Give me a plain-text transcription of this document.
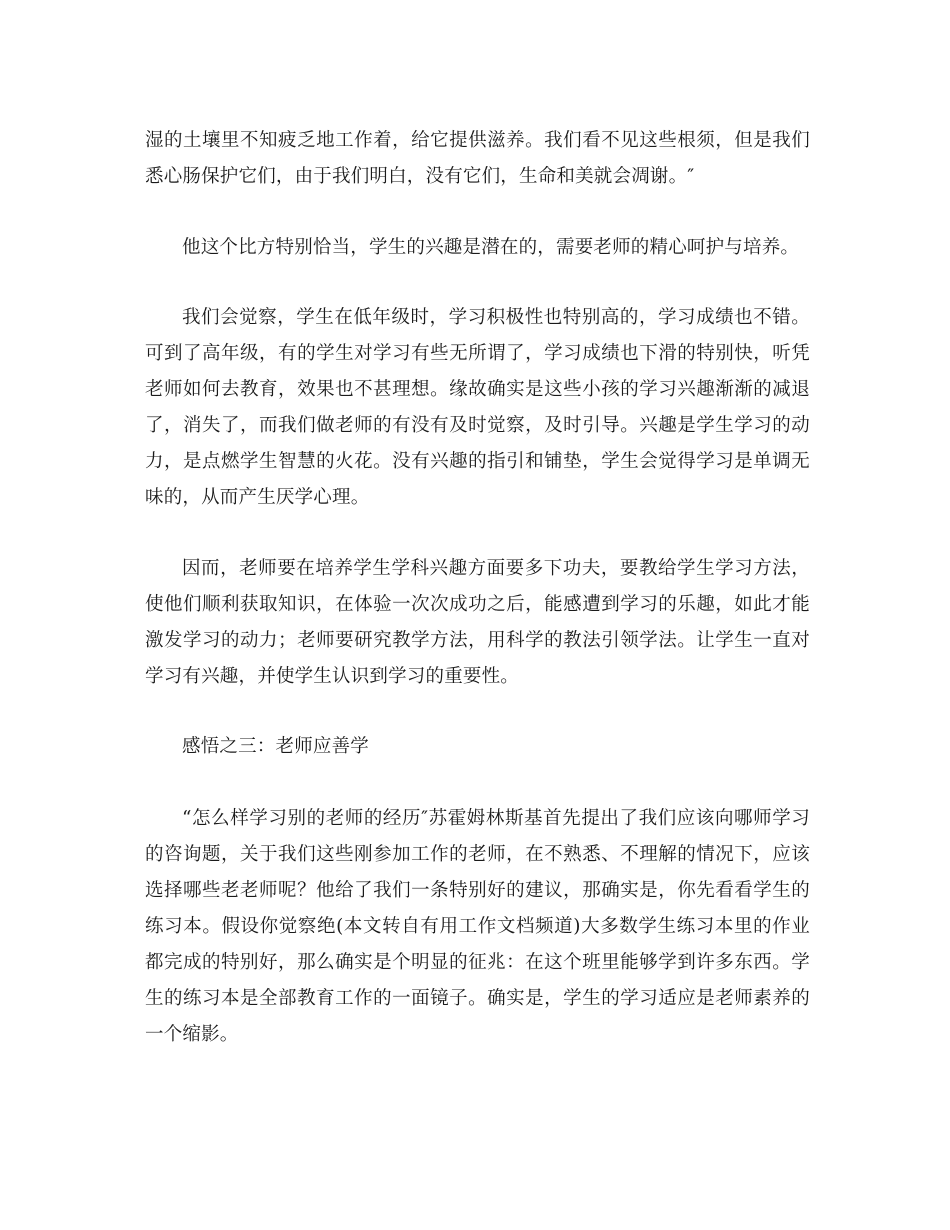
湿的土壤里不知疲乏地工作着，给它提供滋养。我们看不见这些根须，但是我们悉心肠保护它们，由于我们明白，没有它们，生命和美就会凋谢。″

他这个比方特别恰当，学生的兴趣是潜在的，需要老师的精心呵护与培养。

我们会觉察，学生在低年级时，学习积极性也特别高的，学习成绩也不错。可到了高年级，有的学生对学习有些无所谓了，学习成绩也下滑的特别快，听凭老师如何去教育，效果也不甚理想。缘故确实是这些小孩的学习兴趣渐渐的减退了，消失了，而我们做老师的有没有及时觉察，及时引导。兴趣是学生学习的动力，是点燃学生智慧的火花。没有兴趣的指引和铺垫，学生会觉得学习是单调无味的，从而产生厌学心理。

因而，老师要在培养学生学科兴趣方面要多下功夫，要教给学生学习方法，使他们顺利获取知识，在体验一次次成功之后，能感遭到学习的乐趣，如此才能激发学习的动力；老师要研究教学方法，用科学的教法引领学法。让学生一直对学习有兴趣，并使学生认识到学习的重要性。

感悟之三：老师应善学

“怎么样学习别的老师的经历″苏霍姆林斯基首先提出了我们应该向哪师学习的咨询题，关于我们这些刚参加工作的老师，在不熟悉、不理解的情况下，应该选择哪些老老师呢？他给了我们一条特别好的建议，那确实是，你先看看学生的练习本。假设你觉察绝(本文转自有用工作文档频道)大多数学生练习本里的作业都完成的特别好，那么确实是个明显的征兆：在这个班里能够学到许多东西。学生的练习本是全部教育工作的一面镜子。确实是，学生的学习适应是老师素养的一个缩影。
